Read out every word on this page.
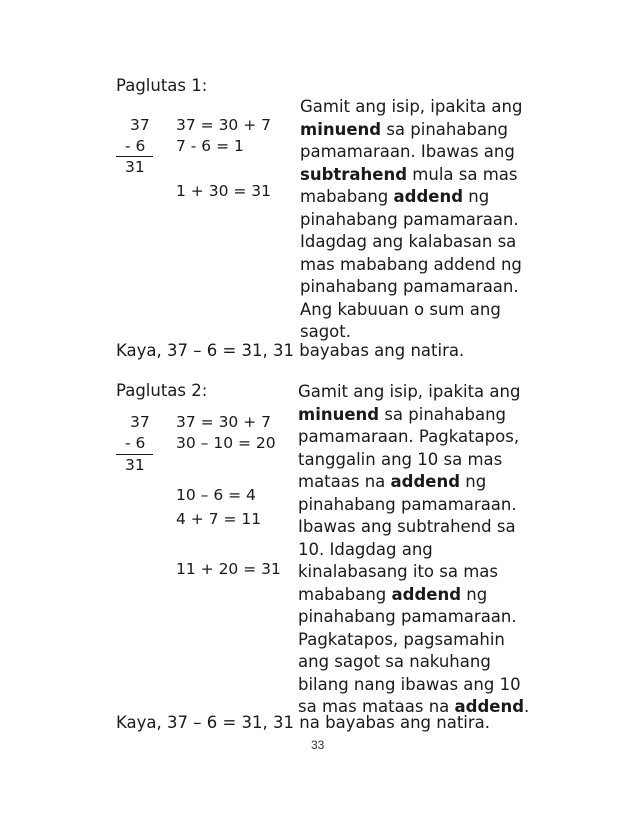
Paglutas 1:
37
- 6
31
37 = 30 + 7
7 - 6 = 1
1 + 30 = 31
Gamit ang isip, ipakita ang
minuend sa pinahabang
pamamaraan. Ibawas ang
subtrahend mula sa mas
mababang addend ng
pinahabang pamamaraan.
Idagdag ang kalabasan sa
mas mababang addend ng
pinahabang pamamaraan.
Ang kabuuan o sum ang
sagot.
Kaya, 37 – 6 = 31, 31 bayabas ang natira.
Paglutas 2:
37
- 6
31
37 = 30 + 7
30 – 10 = 20
10 – 6 = 4
4 + 7 = 11
11 + 20 = 31
Gamit ang isip, ipakita ang
minuend sa pinahabang
pamamaraan. Pagkatapos,
tanggalin ang 10 sa mas
mataas na addend ng
pinahabang pamamaraan.
Ibawas ang subtrahend sa
10. Idagdag ang
kinalabasang ito sa mas
mababang addend ng
pinahabang pamamaraan.
Pagkatapos, pagsamahin
ang sagot sa nakuhang
bilang nang ibawas ang 10
sa mas mataas na addend.
Kaya, 37 – 6 = 31, 31 na bayabas ang natira.
33
